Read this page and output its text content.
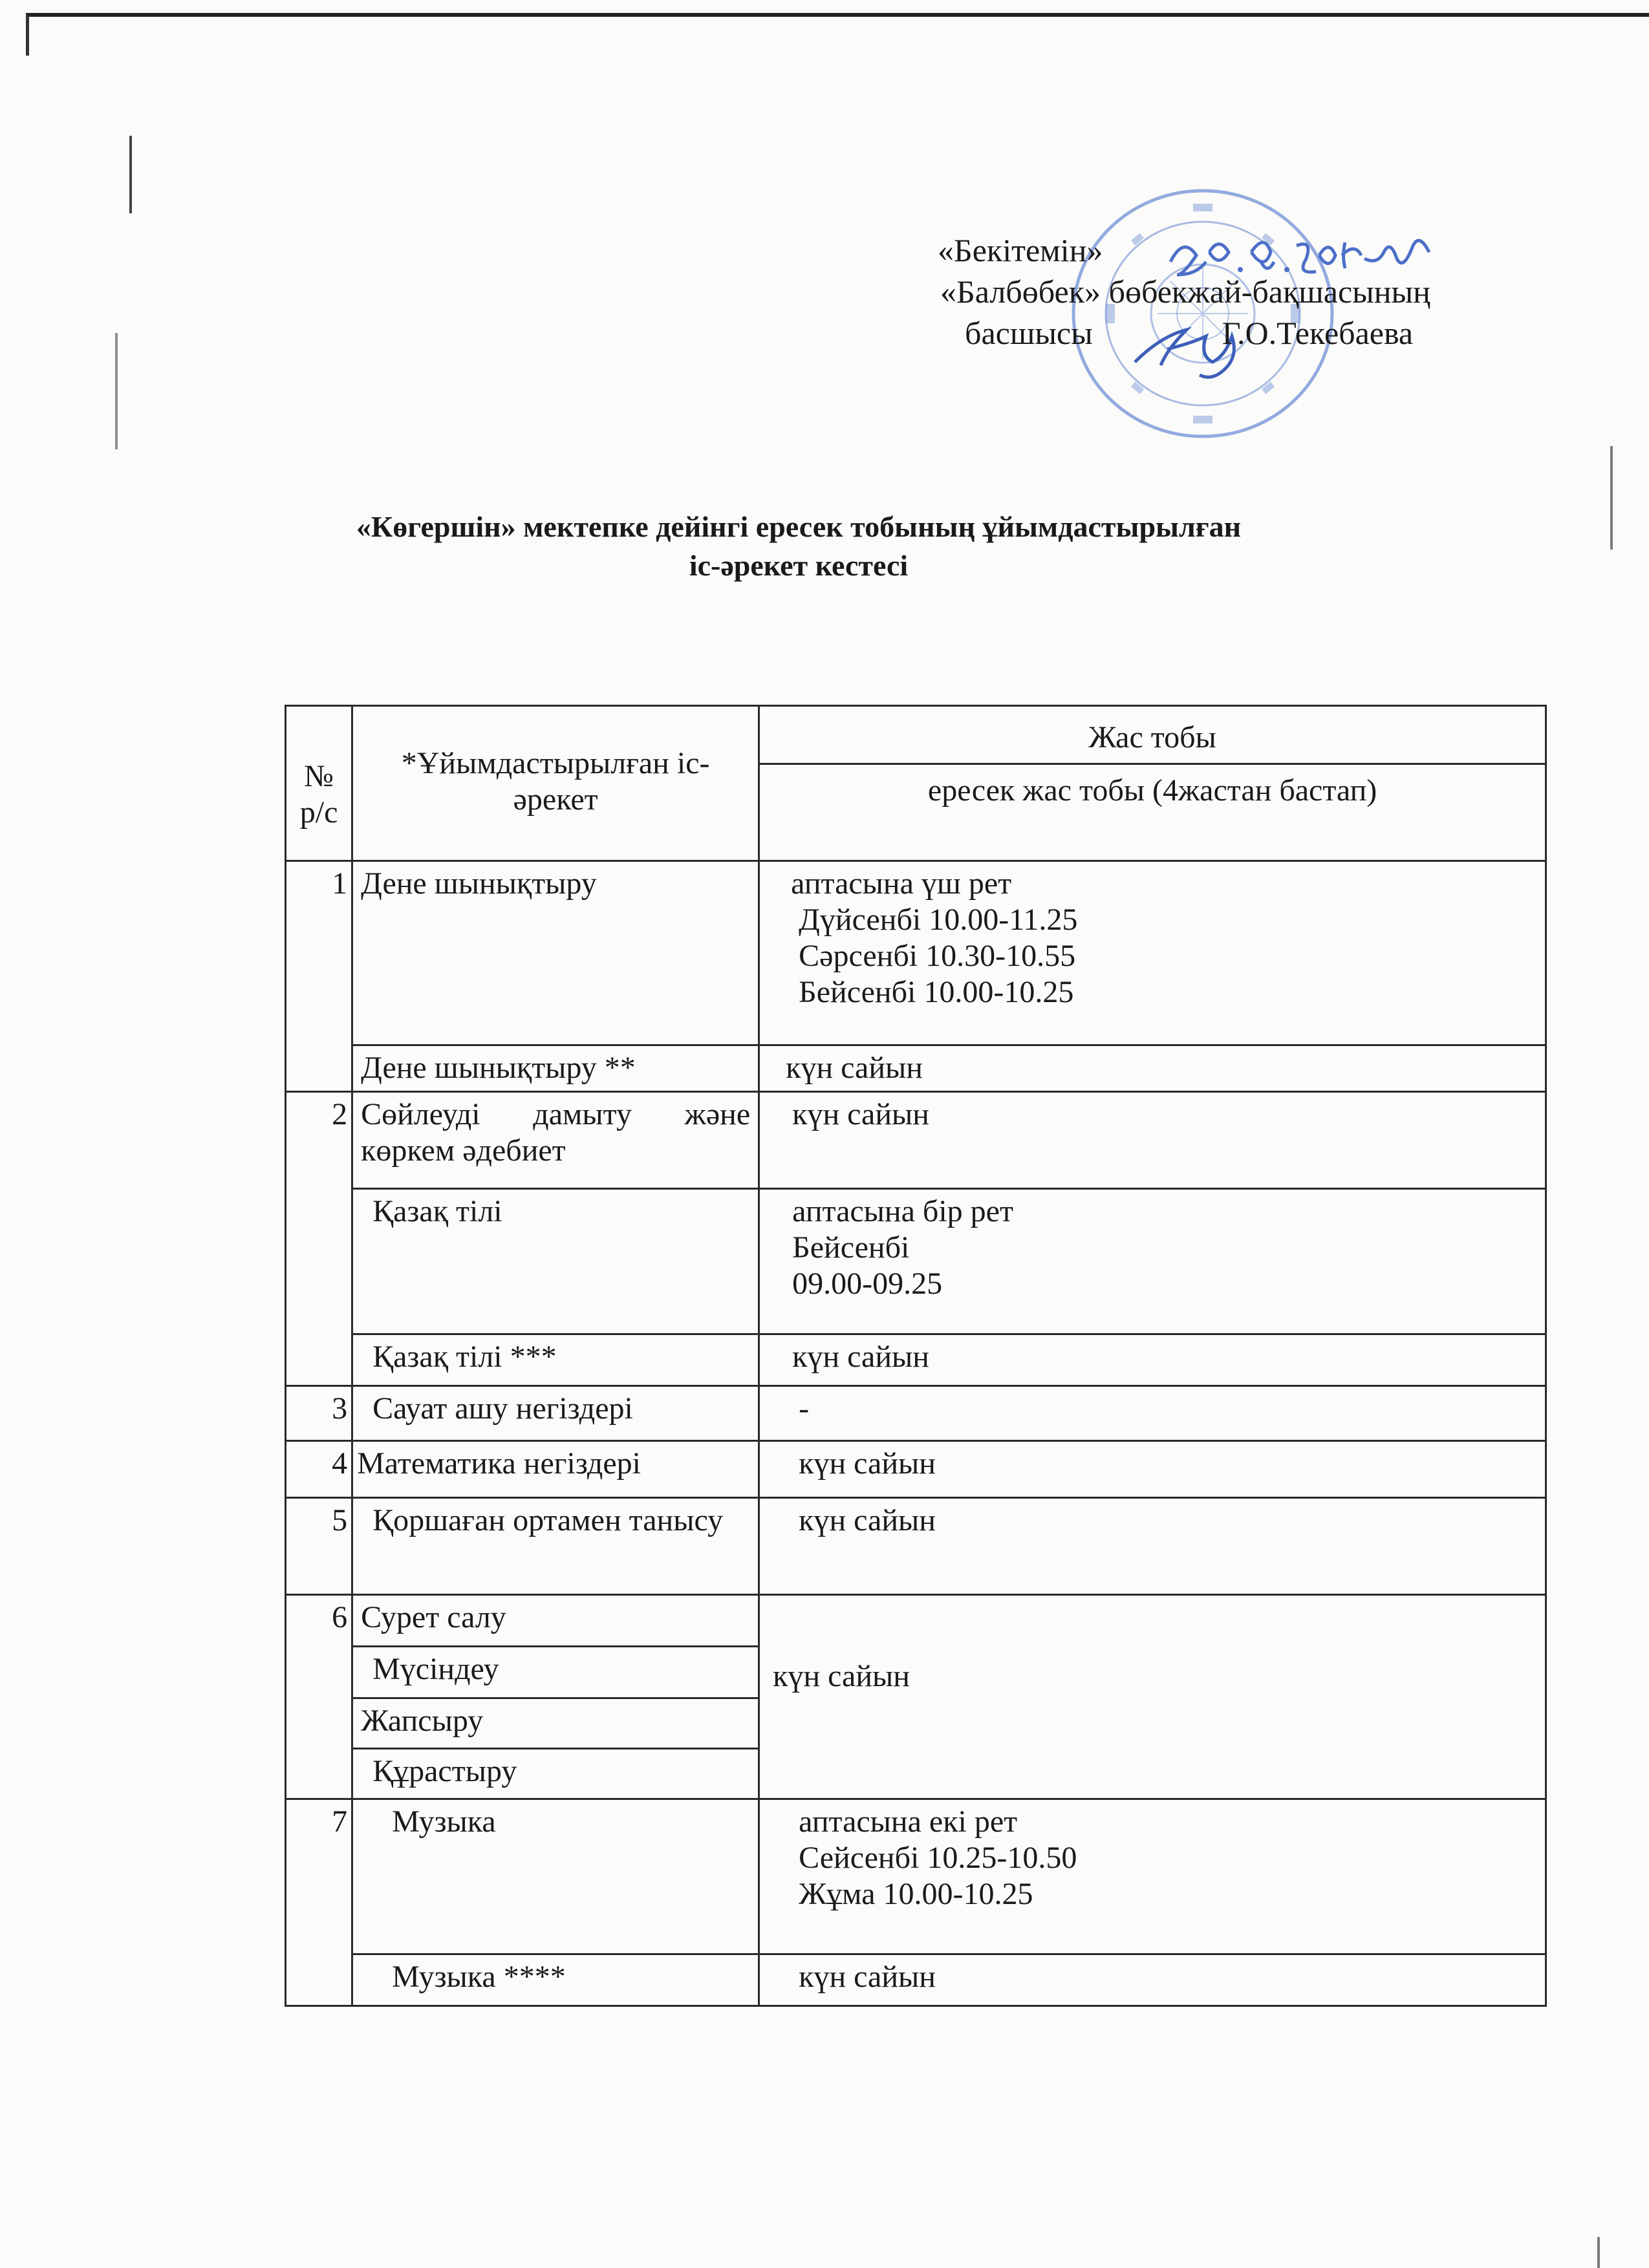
«Бекітемін»
«Балбөбек» бөбекжай-бақшасының
басшысы	Г.О.Текебаева
«Көгершін» мектепке дейінгі ересек тобының ұйымдастырылған
іс-әрекет кестесі
№ р/с	*Ұйымдастырылған іс-әрекет	Жас тобы
		ересек жас тобы (4жастан бастап)
1	Дене шынықтыру	аптасына үш рет
Дүйсенбі 10.00-11.25
Сәрсенбі 10.30-10.55
Бейсенбі 10.00-10.25

	Дене шынықтыру **	күн сайын
2	Сөйлеуді дамыту және көркем әдебиет	күн сайын
	Қазақ тілі	аптасына бір рет
Бейсенбі
09.00-09.25

	Қазақ тілі ***	күн сайын
3	Сауат ашу негіздері	-
4	Математика негіздері	күн сайын
5	Қоршаған ортамен танысу	күн сайын
6	Сурет салу	күн сайын
	Мүсіндеу	
	Жапсыру	
	Құрастыру	
7	Музыка	аптасына екі рет
Сейсенбі 10.25-10.50
Жұма 10.00-10.25

	Музыка ****	күн сайын
